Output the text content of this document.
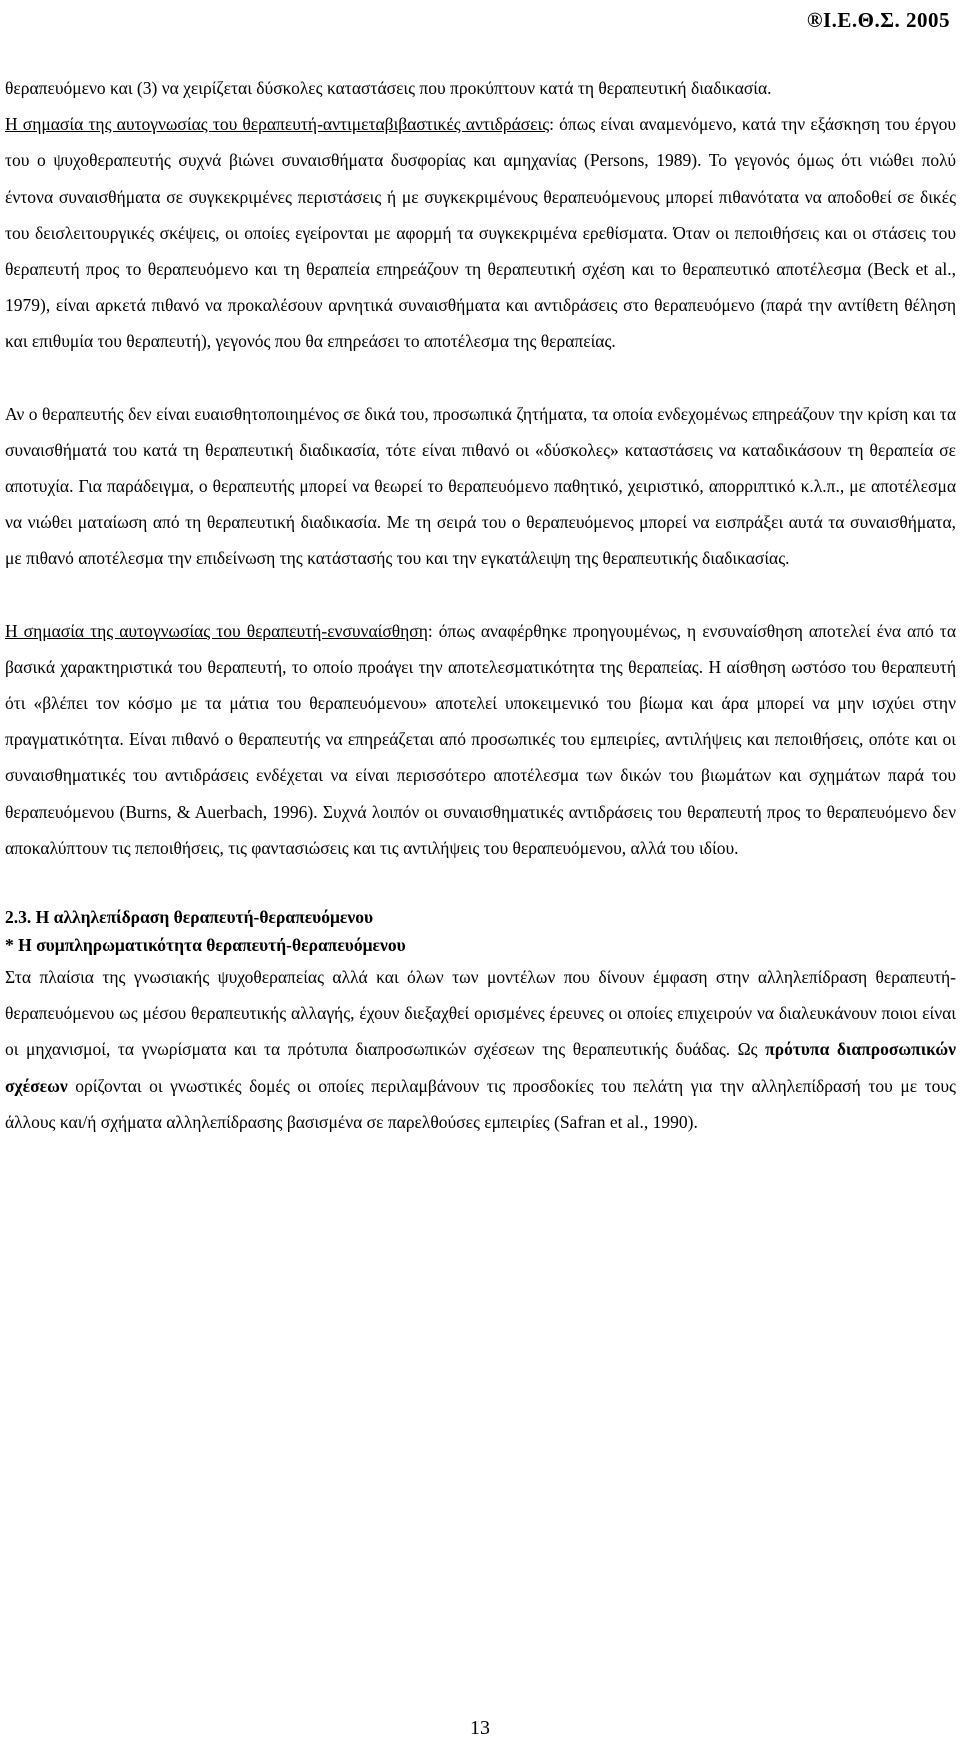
®Ι.Ε.Θ.Σ. 2005

θεραπευόμενο και (3) να χειρίζεται δύσκολες καταστάσεις που προκύπτουν κατά τη θεραπευτική διαδικασία.

Η σημασία της αυτογνωσίας του θεραπευτή-αντιμεταβιβαστικές αντιδράσεις: όπως είναι αναμενόμενο, κατά την εξάσκηση του έργου του ο ψυχοθεραπευτής συχνά βιώνει συναισθήματα δυσφορίας και αμηχανίας (Persons, 1989). Το γεγονός όμως ότι νιώθει πολύ έντονα συναισθήματα σε συγκεκριμένες περιστάσεις ή με συγκεκριμένους θεραπευόμενους μπορεί πιθανότατα να αποδοθεί σε δικές του δεισλειτουργικές σκέψεις, οι οποίες εγείρονται με αφορμή τα συγκεκριμένα ερεθίσματα. Όταν οι πεποιθήσεις και οι στάσεις του θεραπευτή προς το θεραπευόμενο και τη θεραπεία επηρεάζουν τη θεραπευτική σχέση και το θεραπευτικό αποτέλεσμα (Beck et al., 1979), είναι αρκετά πιθανό να προκαλέσουν αρνητικά συναισθήματα και αντιδράσεις στο θεραπευόμενο (παρά την αντίθετη θέληση και επιθυμία του θεραπευτή), γεγονός που θα επηρεάσει το αποτέλεσμα της θεραπείας.

Αν ο θεραπευτής δεν είναι ευαισθητοποιημένος σε δικά του, προσωπικά ζητήματα, τα οποία ενδεχομένως επηρεάζουν την κρίση και τα συναισθήματά του κατά τη θεραπευτική διαδικασία, τότε είναι πιθανό οι «δύσκολες» καταστάσεις να καταδικάσουν τη θεραπεία σε αποτυχία. Για παράδειγμα, ο θεραπευτής μπορεί να θεωρεί το θεραπευόμενο παθητικό, χειριστικό, απορριπτικό κ.λ.π., με αποτέλεσμα να νιώθει ματαίωση από τη θεραπευτική διαδικασία. Με τη σειρά του ο θεραπευόμενος μπορεί να εισπράξει αυτά τα συναισθήματα, με πιθανό αποτέλεσμα την επιδείνωση της κατάστασής του και την εγκατάλειψη της θεραπευτικής διαδικασίας.

Η σημασία της αυτογνωσίας του θεραπευτή-ενσυναίσθηση: όπως αναφέρθηκε προηγουμένως, η ενσυναίσθηση αποτελεί ένα από τα βασικά χαρακτηριστικά του θεραπευτή, το οποίο προάγει την αποτελεσματικότητα της θεραπείας. Η αίσθηση ωστόσο του θεραπευτή ότι «βλέπει τον κόσμο με τα μάτια του θεραπευόμενου» αποτελεί υποκειμενικό του βίωμα και άρα μπορεί να μην ισχύει στην πραγματικότητα. Είναι πιθανό ο θεραπευτής να επηρεάζεται από προσωπικές του εμπειρίες, αντιλήψεις και πεποιθήσεις, οπότε και οι συναισθηματικές του αντιδράσεις ενδέχεται να είναι περισσότερο αποτέλεσμα των δικών του βιωμάτων και σχημάτων παρά του θεραπευόμενου (Burns, & Auerbach, 1996). Συχνά λοιπόν οι συναισθηματικές αντιδράσεις του θεραπευτή προς το θεραπευόμενο δεν αποκαλύπτουν τις πεποιθήσεις, τις φαντασιώσεις και τις αντιλήψεις του θεραπευόμενου, αλλά του ιδίου.

2.3. Η αλληλεπίδραση θεραπευτή-θεραπευόμενου

* Η συμπληρωματικότητα θεραπευτή-θεραπευόμενου

Στα πλαίσια της γνωσιακής ψυχοθεραπείας αλλά και όλων των μοντέλων που δίνουν έμφαση στην αλληλεπίδραση θεραπευτή-θεραπευόμενου ως μέσου θεραπευτικής αλλαγής, έχουν διεξαχθεί ορισμένες έρευνες οι οποίες επιχειρούν να διαλευκάνουν ποιοι είναι οι μηχανισμοί, τα γνωρίσματα και τα πρότυπα διαπροσωπικών σχέσεων της θεραπευτικής δυάδας. Ως πρότυπα διαπροσωπικών σχέσεων ορίζονται οι γνωστικές δομές οι οποίες περιλαμβάνουν τις προσδοκίες του πελάτη για την αλληλεπίδρασή του με τους άλλους και/ή σχήματα αλληλεπίδρασης βασισμένα σε παρελθούσες εμπειρίες (Safran et al., 1990).

13
